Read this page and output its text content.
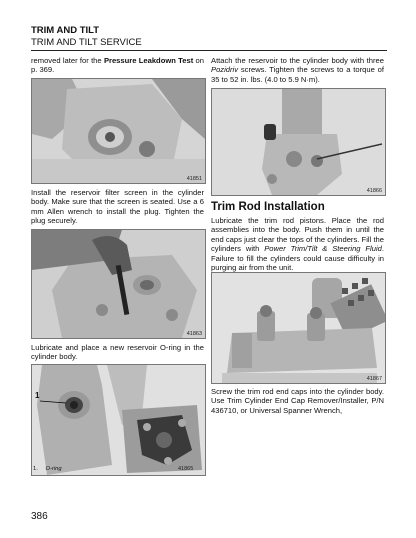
TRIM AND TILT
TRIM AND TILT SERVICE

removed later for the Pressure Leakdown Test on p. 369.

41851

Install the reservoir filter screen in the cylinder body. Make sure that the screen is seated. Use a 6 mm Allen wrench to install the plug. Tighten the plug securely.

41863

Lubricate and place a new reservoir O-ring in the cylinder body.

1
1. O-ring	41865

Attach the reservoir to the cylinder body with three Pozidriv screws. Tighten the screws to a torque of 35 to 52 in. lbs. (4.0 to 5.9 N·m).

41866
Trim Rod Installation

Lubricate the trim rod pistons. Place the rod assemblies into the body. Push them in until the end caps just clear the tops of the cylinders. Fill the cylinders with Power Trim/Tilt & Steering Fluid. Failure to fill the cylinders could cause difficulty in purging air from the unit.

41867

Screw the trim rod end caps into the cylinder body. Use Trim Cylinder End Cap Remover/Installer, P/N 436710, or Universal Spanner Wrench,

386
